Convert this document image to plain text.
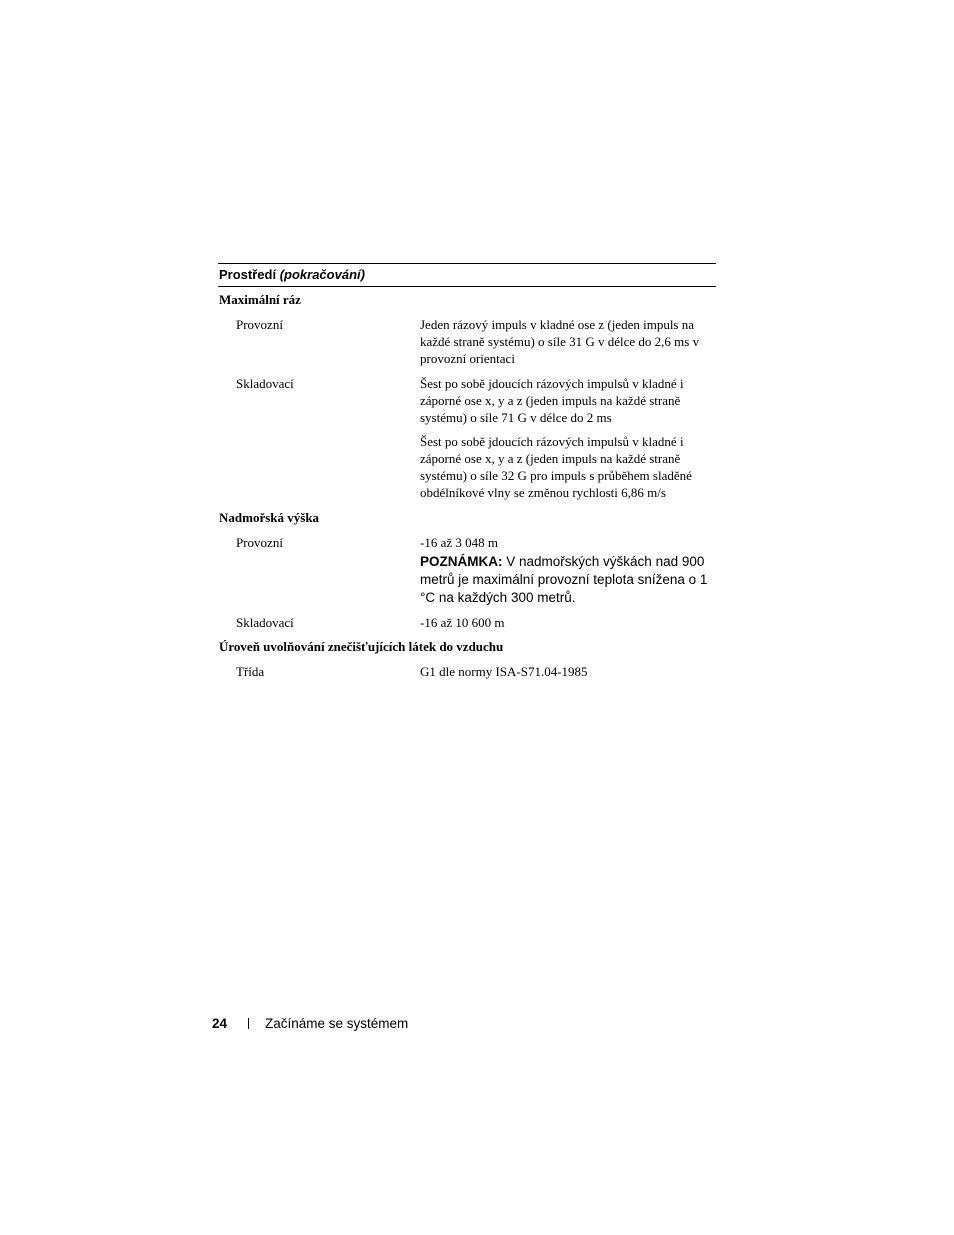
Prostředí (pokračování)
Maximální ráz
Provozní	Jeden rázový impuls v kladné ose z (jeden impuls na každé straně systému) o síle 31 G v délce do 2,6 ms v provozní orientaci
Skladovací	Šest po sobě jdoucích rázových impulsů v kladné i záporné ose x, y a z (jeden impuls na každé straně systému) o síle 71 G v délce do 2 ms
Šest po sobě jdoucích rázových impulsů v kladné i záporné ose x, y a z (jeden impuls na každé straně systému) o síle 32 G pro impuls s průběhem sladěné obdélníkové vlny se změnou rychlosti 6,86 m/s
Nadmořská výška
Provozní	-16 až 3 048 m
POZNÁMKA: V nadmořských výškách nad 900 metrů je maximální provozní teplota snížena o 1 °C na každých 300 metrů.
Skladovací	-16 až 10 600 m
Úroveň uvolňování znečišťujících látek do vzduchu
Třída	G1 dle normy ISA-S71.04-1985
24	Začínáme se systémem
